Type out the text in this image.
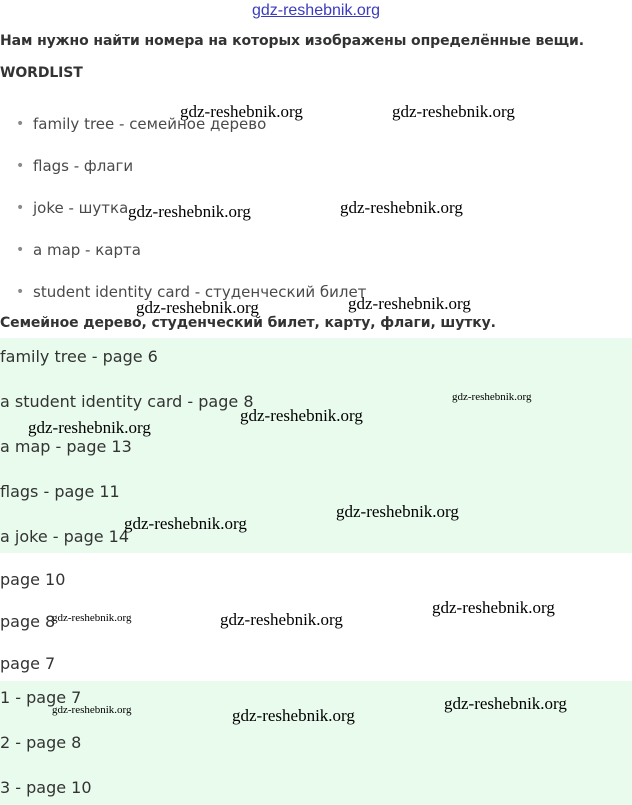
gdz-reshebnik.org
Нам нужно найти номера на которых изображены определённые вещи.
WORDLIST
• family tree - семейное дерево
• flags - флаги
• joke - шутка
• a map - карта
• student identity card - студенческий билет
Семейное дерево, студенческий билет, карту, флаги, шутку.
family tree - page 6
a student identity card - page 8
a map - page 13
flags - page 11
a joke - page 14
page 10
page 8
page 7
1 - page 7
2 - page 8
3 - page 10
gdz-reshebnik.org	gdz-reshebnik.org
gdz-reshebnik.org	gdz-reshebnik.org
gdz-reshebnik.org	gdz-reshebnik.org
gdz-reshebnik.org
gdz-reshebnik.org
gdz-reshebnik.org
gdz-reshebnik.org
gdz-reshebnik.org
gdz-reshebnik.org	gdz-reshebnik.org
gdz-reshebnik.org
gdz-reshebnik.org	gdz-reshebnik.org
gdz-reshebnik.org
